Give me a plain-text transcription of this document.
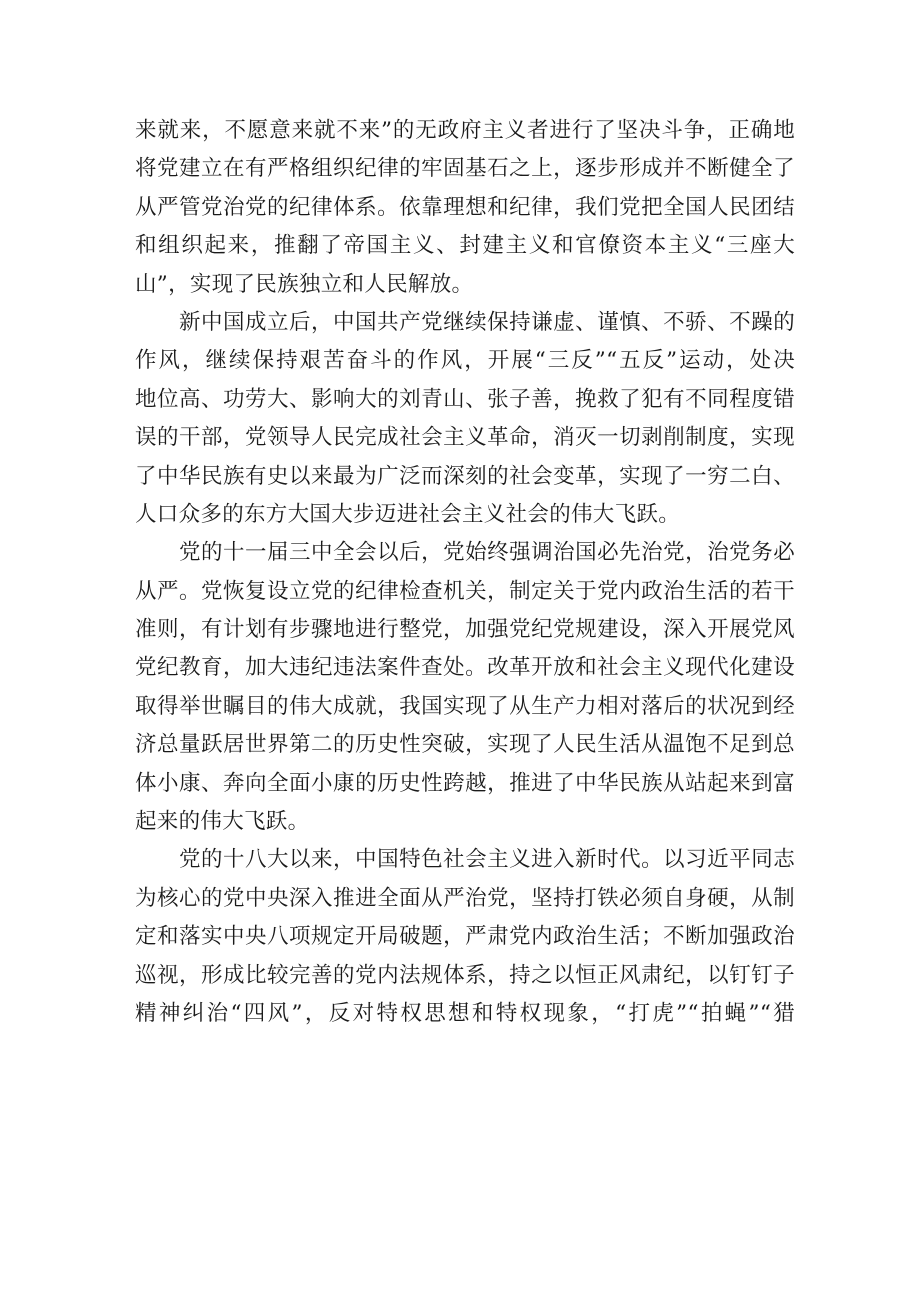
来就来，不愿意来就不来”的无政府主义者进行了坚决斗争，正确地
将党建立在有严格组织纪律的牢固基石之上，逐步形成并不断健全了
从严管党治党的纪律体系。依靠理想和纪律，我们党把全国人民团结
和组织起来，推翻了帝国主义、封建主义和官僚资本主义“三座大
山”，实现了民族独立和人民解放。
新中国成立后，中国共产党继续保持谦虚、谨慎、不骄、不躁的
作风，继续保持艰苦奋斗的作风，开展“三反”“五反”运动，处决
地位高、功劳大、影响大的刘青山、张子善，挽救了犯有不同程度错
误的干部，党领导人民完成社会主义革命，消灭一切剥削制度，实现
了中华民族有史以来最为广泛而深刻的社会变革，实现了一穷二白、
人口众多的东方大国大步迈进社会主义社会的伟大飞跃。
党的十一届三中全会以后，党始终强调治国必先治党，治党务必
从严。党恢复设立党的纪律检查机关，制定关于党内政治生活的若干
准则，有计划有步骤地进行整党，加强党纪党规建设，深入开展党风
党纪教育，加大违纪违法案件查处。改革开放和社会主义现代化建设
取得举世瞩目的伟大成就，我国实现了从生产力相对落后的状况到经
济总量跃居世界第二的历史性突破，实现了人民生活从温饱不足到总
体小康、奔向全面小康的历史性跨越，推进了中华民族从站起来到富
起来的伟大飞跃。
党的十八大以来，中国特色社会主义进入新时代。以习近平同志
为核心的党中央深入推进全面从严治党，坚持打铁必须自身硬，从制
定和落实中央八项规定开局破题，严肃党内政治生活；不断加强政治
巡视，形成比较完善的党内法规体系，持之以恒正风肃纪，以钉钉子
精神纠治“四风”，反对特权思想和特权现象，“打虎”“拍蝇”“猎
